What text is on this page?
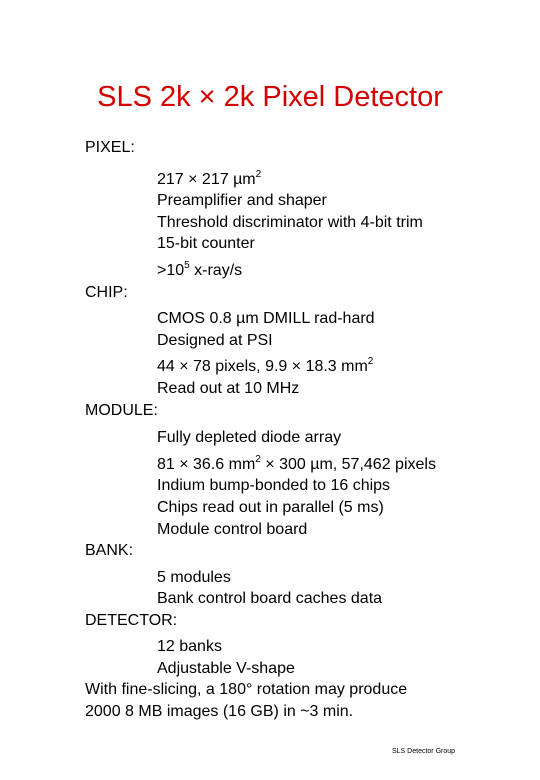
SLS 2k × 2k Pixel Detector
PIXEL:
217 × 217 µm$^2$
Preamplifier and shaper
Threshold discriminator with 4-bit trim
15-bit counter
$>10^5$ x-ray/s
CHIP:
CMOS 0.8 µm DMILL rad-hard
Designed at PSI
44 × 78 pixels, 9.9 × 18.3 $mm^2$
Read out at 10 MHz
MODULE:
Fully depleted diode array
81 × 36.6 $mm^2 \times 300$ µm, 57,462 pixels
Indium bump-bonded to 16 chips
Chips read out in parallel (5 ms)
Module control board
BANK:
5 modules
Bank control board caches data
DETECTOR:
12 banks
Adjustable V-shape
With fine-slicing, a 180° rotation may produce
2000 8 MB images (16 GB) in ~3 min.
SLS Detector Group
